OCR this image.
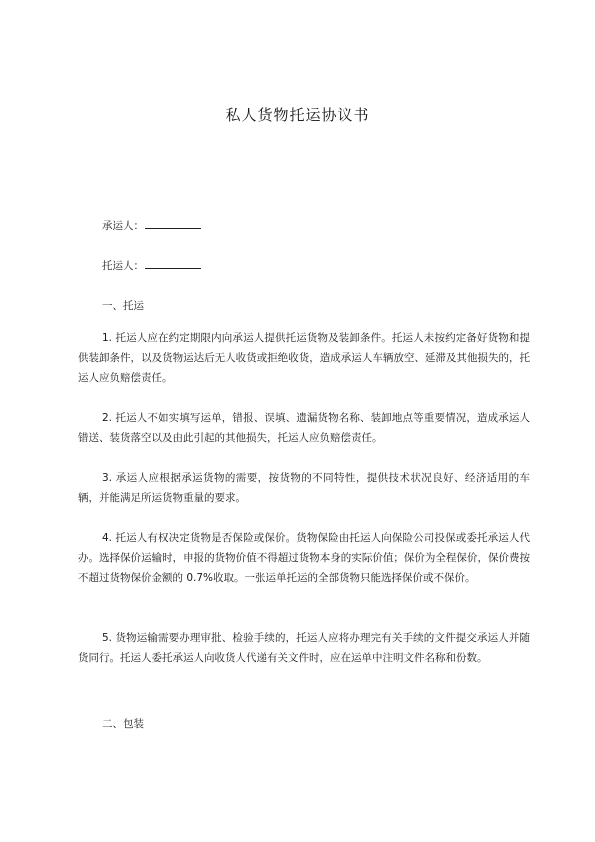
私人货物托运协议书
承运人：
托运人：
一、托运

1. 托运人应在约定期限内向承运人提供托运货物及装卸条件。托运人未按约定备好货物和提供装卸条件，以及货物运达后无人收货或拒绝收货，造成承运人车辆放空、延滞及其他损失的，托运人应负赔偿责任。

2. 托运人不如实填写运单，错报、误填、遗漏货物名称、装卸地点等重要情况，造成承运人错送、装货落空以及由此引起的其他损失，托运人应负赔偿责任。

3. 承运人应根据承运货物的需要，按货物的不同特性，提供技术状况良好、经济适用的车辆，并能满足所运货物重量的要求。

4. 托运人有权决定货物是否保险或保价。货物保险由托运人向保险公司投保或委托承运人代办。选择保价运输时，申报的货物价值不得超过货物本身的实际价值；保价为全程保价，保价费按不超过货物保价金额的 0.7%收取。一张运单托运的全部货物只能选择保价或不保价。

5. 货物运输需要办理审批、检验手续的，托运人应将办理完有关手续的文件提交承运人并随货同行。托运人委托承运人向收货人代递有关文件时，应在运单中注明文件名称和份数。

二、包装
